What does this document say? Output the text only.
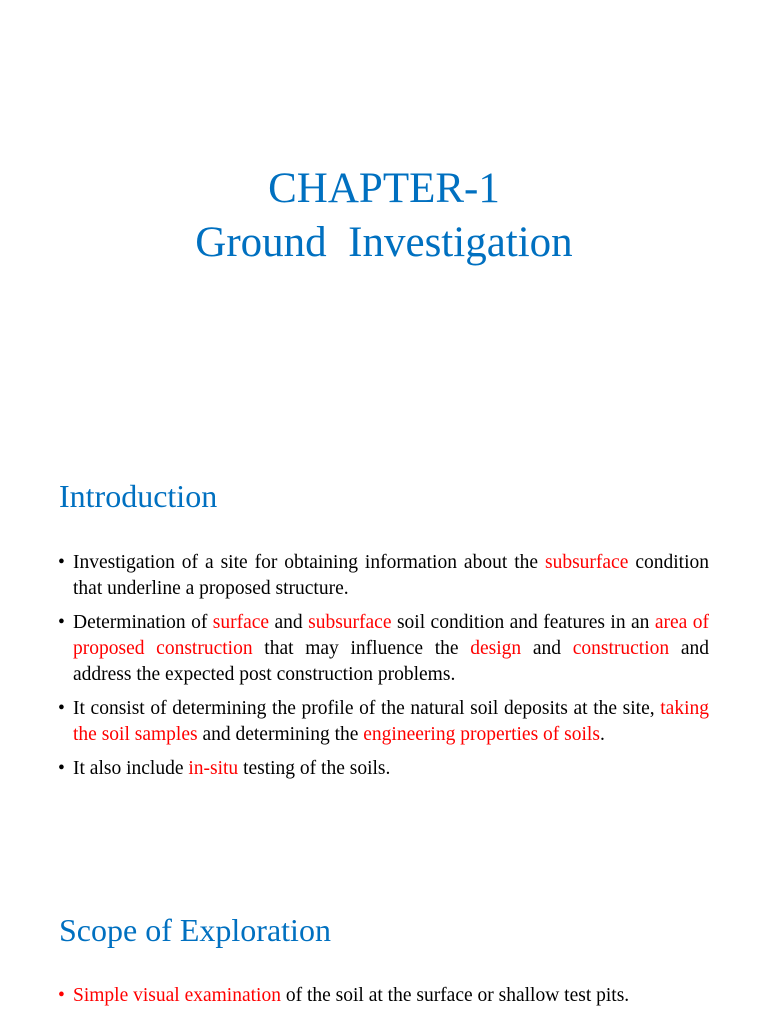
CHAPTER-1
Ground  Investigation
Introduction
• Investigation of a site for obtaining information about the subsurface condition that underline a proposed structure.
• Determination of surface and subsurface soil condition and features in an area of proposed construction that may influence the design and construction and address the expected post construction problems.
• It consist of determining the profile of the natural soil deposits at the site, taking the soil samples and determining the engineering properties of soils.
• It also include in-situ testing of the soils.
Scope of Exploration
• Simple visual examination of the soil at the surface or shallow test pits.
